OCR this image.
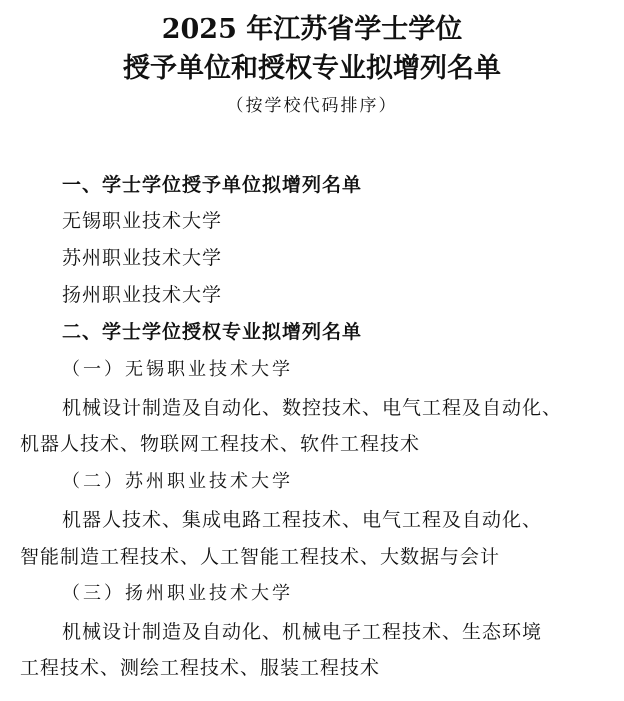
2025 年江苏省学士学位
授予单位和授权专业拟增列名单
（按学校代码排序）
一、学士学位授予单位拟增列名单
无锡职业技术大学
苏州职业技术大学
扬州职业技术大学
二、学士学位授权专业拟增列名单
（一）无锡职业技术大学
机械设计制造及自动化、数控技术、电气工程及自动化、
机器人技术、物联网工程技术、软件工程技术
（二）苏州职业技术大学
机器人技术、集成电路工程技术、电气工程及自动化、
智能制造工程技术、人工智能工程技术、大数据与会计
（三）扬州职业技术大学
机械设计制造及自动化、机械电子工程技术、生态环境
工程技术、测绘工程技术、服装工程技术
